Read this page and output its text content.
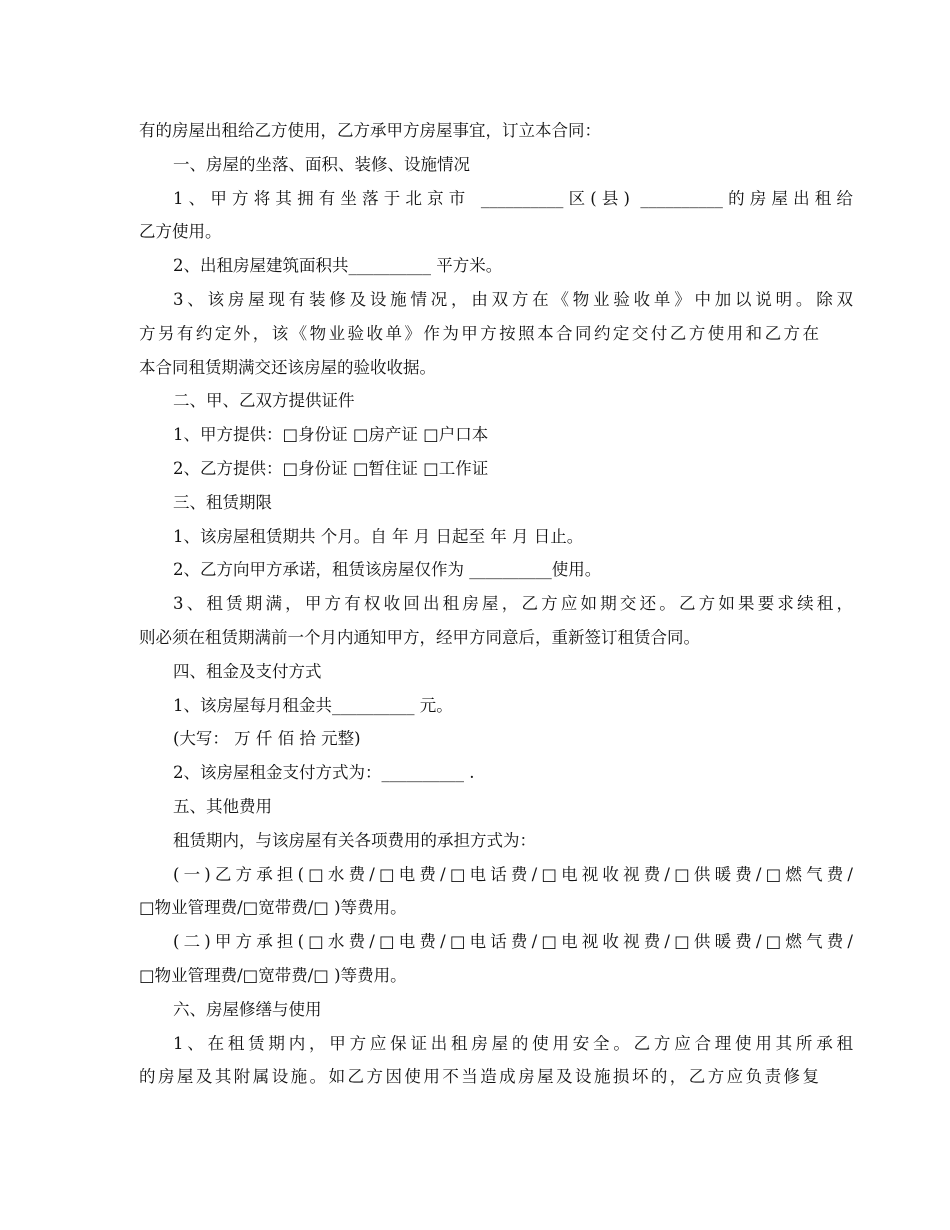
有的房屋出租给乙方使用，乙方承甲方房屋事宜，订立本合同：
一、房屋的坐落、面积、装修、设施情况
1、甲方将其拥有坐落于北京市 __________区(县) __________的房屋出租给
乙方使用。
2、出租房屋建筑面积共__________ 平方米。
3、该房屋现有装修及设施情况，由双方在《物业验收单》中加以说明。除双
方另有约定外，该《物业验收单》作为甲方按照本合同约定交付乙方使用和乙方在
本合同租赁期满交还该房屋的验收收据。
二、甲、乙双方提供证件
1、甲方提供：□身份证 □房产证 □户口本
2、乙方提供：□身份证 □暂住证 □工作证
三、租赁期限
1、该房屋租赁期共 个月。自 年 月 日起至 年 月 日止。
2、乙方向甲方承诺，租赁该房屋仅作为 __________使用。
3、租赁期满，甲方有权收回出租房屋，乙方应如期交还。乙方如果要求续租，
则必须在租赁期满前一个月内通知甲方，经甲方同意后，重新签订租赁合同。
四、租金及支付方式
1、该房屋每月租金共__________ 元。
(大写： 万 仟 佰 拾 元整)
2、该房屋租金支付方式为：__________ .
五、其他费用
租赁期内，与该房屋有关各项费用的承担方式为：
(一)乙方承担(□水费/□电费/□电话费/□电视收视费/□供暖费/□燃气费/
□物业管理费/□宽带费/□ )等费用。
(二)甲方承担(□水费/□电费/□电话费/□电视收视费/□供暖费/□燃气费/
□物业管理费/□宽带费/□ )等费用。
六、房屋修缮与使用
1、在租赁期内，甲方应保证出租房屋的使用安全。乙方应合理使用其所承租
的房屋及其附属设施。如乙方因使用不当造成房屋及设施损坏的，乙方应负责修复
